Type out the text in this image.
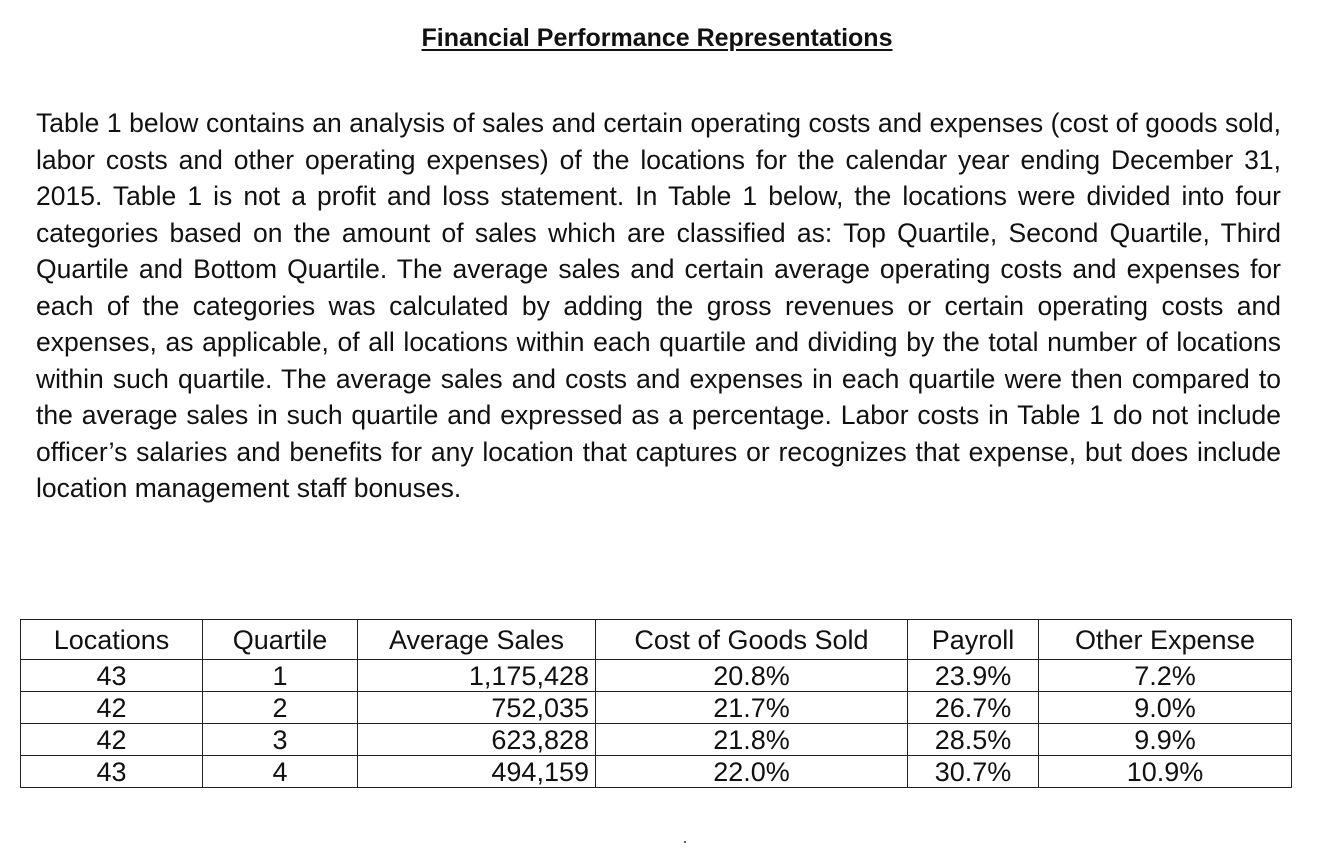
Financial Performance Representations

Table 1 below contains an analysis of sales and certain operating costs and expenses (cost of goods sold, labor costs and other operating expenses) of the locations for the calendar year ending December 31, 2015. Table 1 is not a profit and loss statement. In Table 1 below, the locations were divided into four categories based on the amount of sales which are classified as: Top Quartile, Second Quartile, Third Quartile and Bottom Quartile. The average sales and certain average operating costs and expenses for each of the categories was calculated by adding the gross revenues or certain operating costs and expenses, as applicable, of all locations within each quartile and dividing by the total number of locations within such quartile. The average sales and costs and expenses in each quartile were then compared to the average sales in such quartile and expressed as a percentage. Labor costs in Table 1 do not include officer’s salaries and benefits for any location that captures or recognizes that expense, but does include location management staff bonuses.

Locations	Quartile	Average Sales	Cost of Goods Sold	Payroll	Other Expense
43	1	1,175,428	20.8%	23.9%	7.2%
42	2	752,035	21.7%	26.7%	9.0%
42	3	623,828	21.8%	28.5%	9.9%
43	4	494,159	22.0%	30.7%	10.9%
